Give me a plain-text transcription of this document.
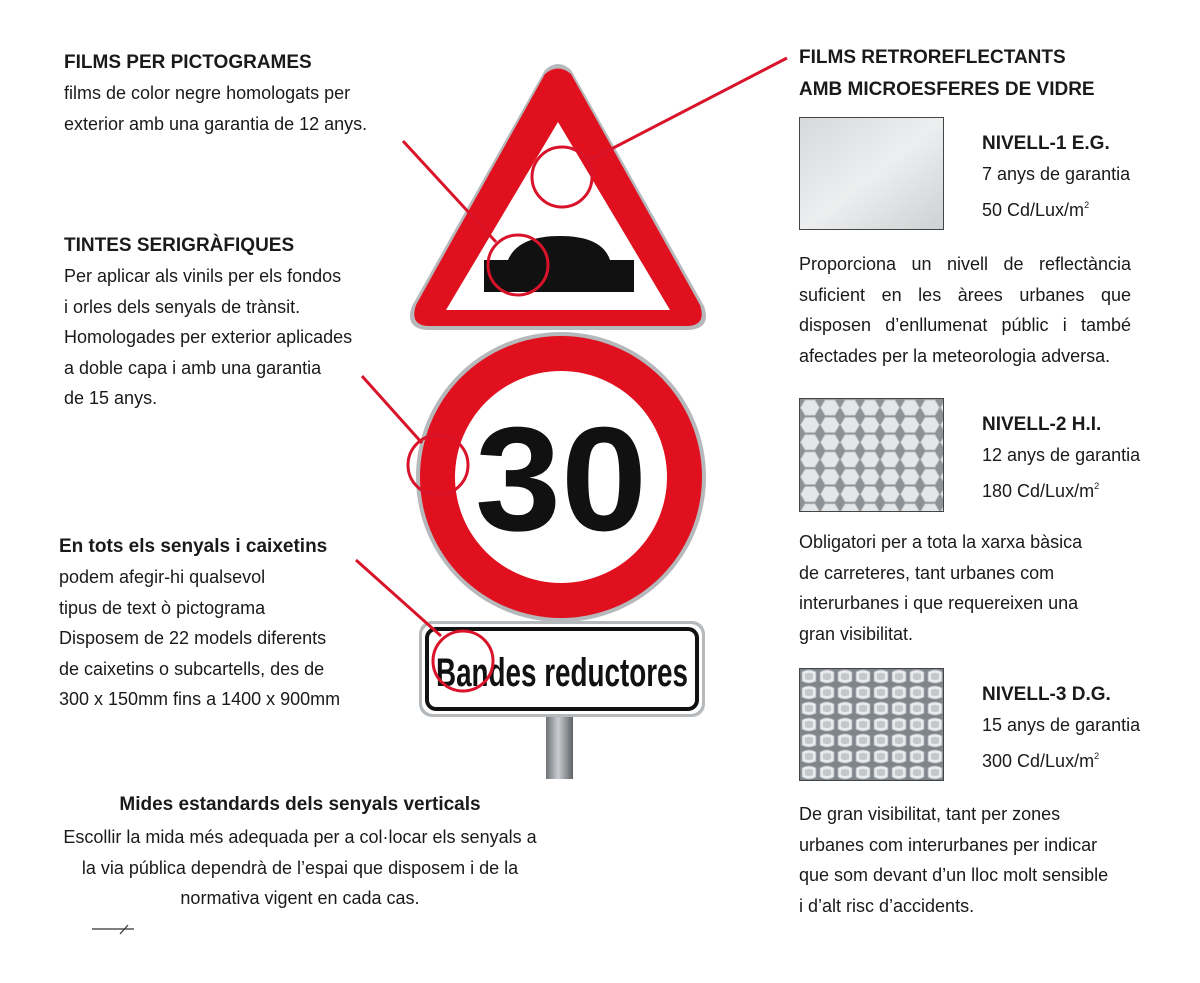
30
Bandes reductores
FILMS PER PICTOGRAMES
films de color negre homologats per
exterior amb una garantia de 12 anys.
TINTES SERIGRÀFIQUES
Per aplicar als vinils per els fondos
i orles dels senyals de trànsit.
Homologades per exterior aplicades
a doble capa i amb una garantia
de 15 anys.
En tots els senyals i caixetins
podem afegir-hi qualsevol
tipus de text ò pictograma
Disposem de 22 models diferents
de caixetins o subcartells, des de
300 x 150mm fins a 1400 x 900mm
Mides estandards dels senyals verticals
Escollir la mida més adequada per a col·locar els senyals a
la via pública dependrà de l’espai que disposem i de la
normativa vigent en cada cas.
FILMS RETROREFLECTANTS
AMB MICROESFERES DE VIDRE
NIVELL-1 E.G.
7 anys de garantia
50 $Cd/Lux/m^2$
Proporciona un nivell de reflectància
suficient en les àrees urbanes que
disposen d’enllumenat públic i també
afectades per la meteorologia adversa.
NIVELL-2 H.I.
12 anys de garantia
180 $Cd/Lux/m^2$
Obligatori per a tota la xarxa bàsica
de carreteres, tant urbanes com
interurbanes i que requereixen una
gran visibilitat.
NIVELL-3 D.G.
15 anys de garantia
300 $Cd/Lux/m^2$
De gran visibilitat, tant per zones
urbanes com interurbanes per indicar
que som devant d’un lloc molt sensible
i d’alt risc d’accidents.
